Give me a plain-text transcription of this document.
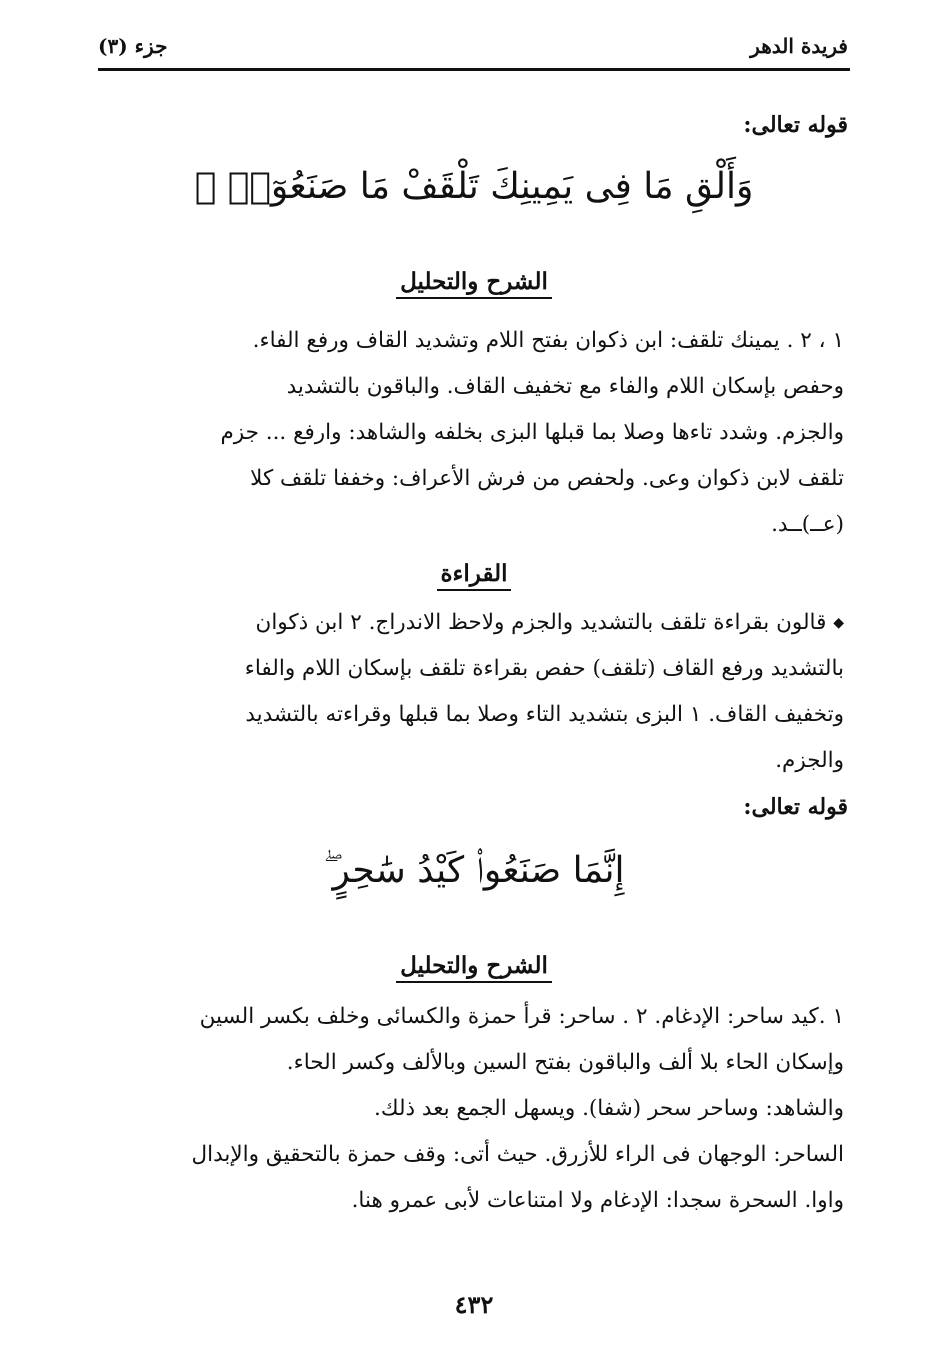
فريدة الدهر
جزء (٣)
قوله تعالى:
وَأَلْقِ مَا فِى يَمِينِكَ تَلْقَفْ مَا صَنَعُوٓا۟ ۖ
الشرح والتحليل
١ ، ٢ . يمينك تلقف: ابن ذكوان بفتح اللام وتشديد القاف ورفع الفاء.
وحفص بإسكان اللام والفاء مع تخفيف القاف. والباقون بالتشديد
والجزم. وشدد تاءها وصلا بما قبلها البزى بخلفه والشاهد: وارفع ... جزم
تلقف لابن ذكوان وعى. ولحفص من فرش الأعراف: وخففا تلقف كلا
(عــ)ــد.
القراءة
◆ قالون بقراءة تلقف بالتشديد والجزم ولاحظ الاندراج. ٢ ابن ذكوان
بالتشديد ورفع القاف (تلقف) حفص بقراءة تلقف بإسكان اللام والفاء
وتخفيف القاف. ١ البزى بتشديد التاء وصلا بما قبلها وقراءته بالتشديد
والجزم.
قوله تعالى:
إِنَّمَا صَنَعُوا۟ كَيْدُ سَٰحِرٍ ۖ
الشرح والتحليل
١ .كيد ساحر: الإدغام. ٢ . ساحر: قرأ حمزة والكسائى وخلف بكسر السين
وإسكان الحاء بلا ألف والباقون بفتح السين وبالألف وكسر الحاء.
والشاهد: وساحر سحر (شفا). ويسهل الجمع بعد ذلك.
الساحر: الوجهان فى الراء للأزرق. حيث أتى: وقف حمزة بالتحقيق والإبدال
واوا. السحرة سجدا: الإدغام ولا امتناعات لأبى عمرو هنا.
٤٣٢
